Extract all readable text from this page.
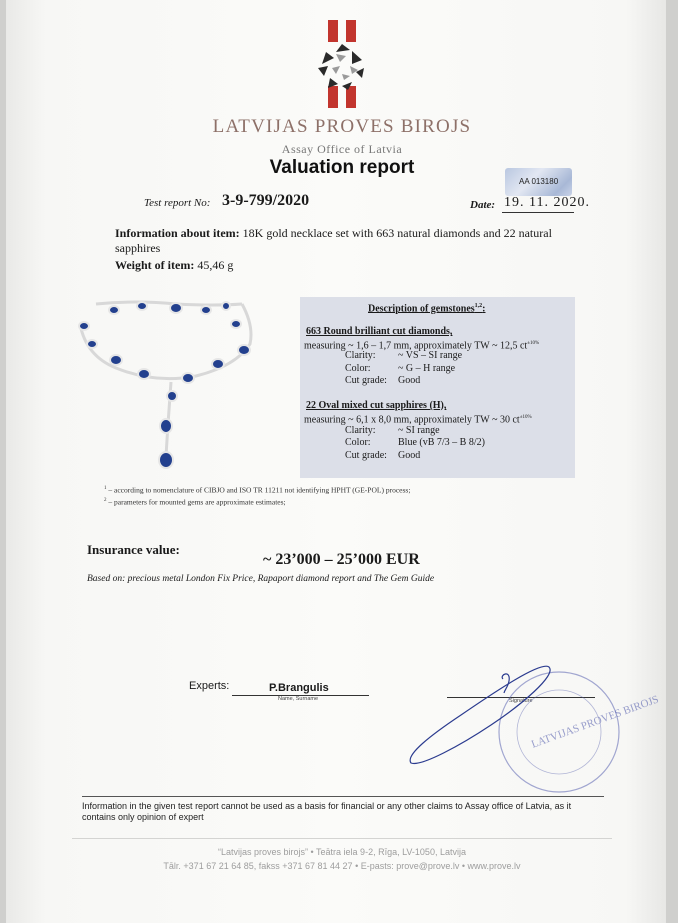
LATVIJAS PROVES BIROJS
Assay Office of Latvia
Valuation report
AA 013180
Test report No: 3-9-799/2020	Date: 19. 11. 2020.
Information about item: 18K gold necklace set with 663 natural diamonds and 22 natural sapphires
Weight of item: 45,46 g
Description of gemstones$^{1,2}$:
663 Round brilliant cut diamonds,
measuring ~ 1,6 – 1,7 mm, approximately TW ~ 12,5 $ct^{\pm 10\%}$
Clarity: ~ VS – SI range
Color:	~ G – H range
Cut grade: Good
22 Oval mixed cut sapphires (H),
measuring ~ 6,1 x 8,0 mm, approximately TW ~ 30 $ct^{\pm 10\%}$
Clarity: ~ SI range
Color:	Blue (vB 7/3 – B 8/2)
Cut grade: Good
$^1$ – according to nomenclature of CIBJO and ISO TR 11211 not identifying HPHT (GE-POL) process;
$^2$ – parameters for mounted gems are approximate estimates;
Insurance value:
~ 23’000 – 25’000 EUR
Based on: precious metal London Fix Price, Rapaport diamond report and The Gem Guide
Experts:	P.Brangulis
Name, Surname	Signature
LATVIJAS PROVES BIROJS
Information in the given test report cannot be used as a basis for financial or any other claims to Assay office of Latvia, as it contains only opinion of expert
“Latvijas proves birojs” • Teātra iela 9-2, Rīga, LV-1050, Latvija
Tālr. +371 67 21 64 85, fakss +371 67 81 44 27 • E-pasts: prove@prove.lv • www.prove.lv
